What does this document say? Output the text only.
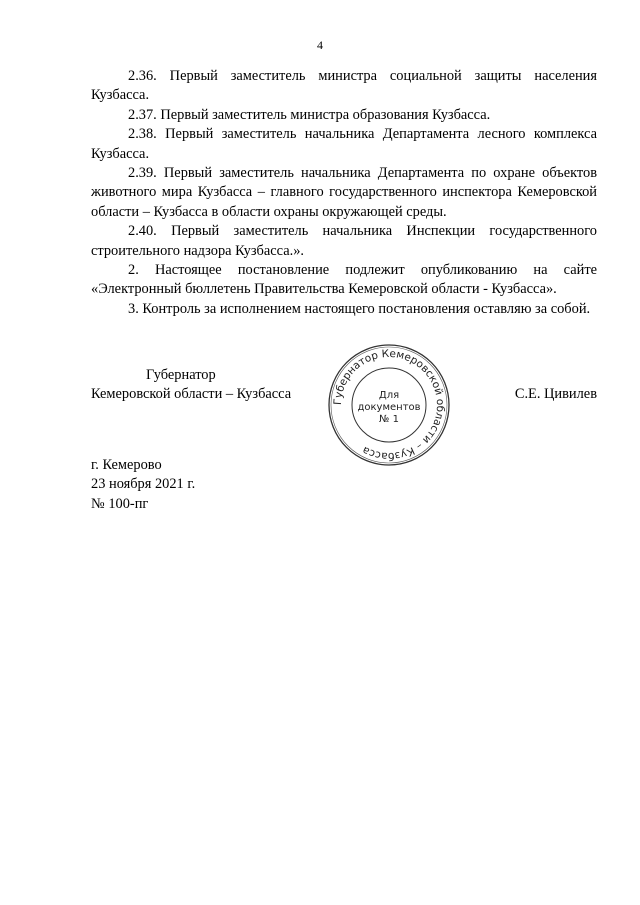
4

2.36. Первый заместитель министра социальной защиты населения Кузбасса.

2.37. Первый заместитель министра образования Кузбасса.

2.38. Первый заместитель начальника Департамента лесного комплекса Кузбасса.

2.39. Первый заместитель начальника Департамента по охране объектов животного мира Кузбасса – главного государственного инспектора Кемеровской области – Кузбасса в области охраны окружающей среды.

2.40. Первый заместитель начальника Инспекции государственного строительного надзора Кузбасса.».

2. Настоящее постановление подлежит опубликованию на сайте «Электронный бюллетень Правительства Кемеровской области - Кузбасса».

3. Контроль за исполнением настоящего постановления оставляю за собой.

Губернатор
Кемеровской области – Кузбасса	Губернатор Кемеровской области – Кузбасса
Для
документов
№ 1
С.Е. Цивилев
г. Кемерово
23 ноября 2021 г.
№ 100-пг
